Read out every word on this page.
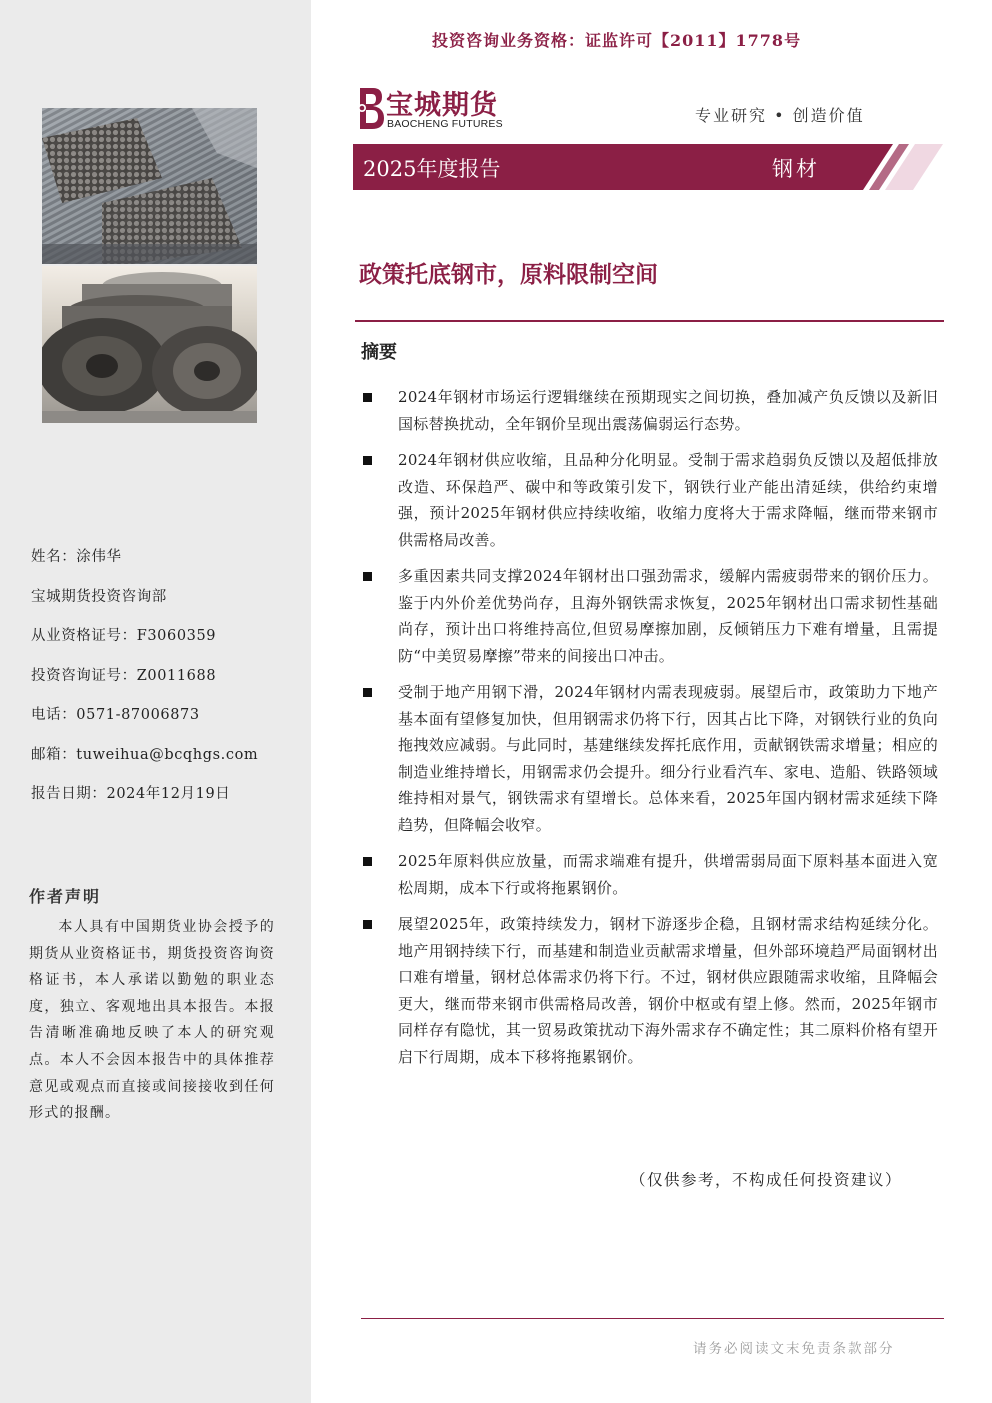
姓名：涂伟华
宝城期货投资咨询部
从业资格证号：F3060359
投资咨询证号：Z0011688
电话：0571-87006873
邮箱：tuweihua@bcqhgs.com
报告日期：2024年12月19日
作者声明
本人具有中国期货业协会授予的期货从业资格证书，期货投资咨询资格证书，本人承诺以勤勉的职业态度，独立、客观地出具本报告。本报告清晰准确地反映了本人的研究观点。本人不会因本报告中的具体推荐意见或观点而直接或间接接收到任何形式的报酬。
投资咨询业务资格：证监许可【2011】1778号
宝城期货
BAOCHENG FUTURES	专业研究 • 创造价值
2025年度报告	钢材
政策托底钢市，原料限制空间
摘要
2024年钢材市场运行逻辑继续在预期现实之间切换，叠加减产负反馈以及新旧国标替换扰动，全年钢价呈现出震荡偏弱运行态势。
2024年钢材供应收缩，且品种分化明显。受制于需求趋弱负反馈以及超低排放改造、环保趋严、碳中和等政策引发下，钢铁行业产能出清延续，供给约束增强，预计2025年钢材供应持续收缩，收缩力度将大于需求降幅，继而带来钢市供需格局改善。
多重因素共同支撑2024年钢材出口强劲需求，缓解内需疲弱带来的钢价压力。鉴于内外价差优势尚存，且海外钢铁需求恢复，2025年钢材出口需求韧性基础尚存，预计出口将维持高位,但贸易摩擦加剧，反倾销压力下难有增量，且需提防“中美贸易摩擦”带来的间接出口冲击。
受制于地产用钢下滑，2024年钢材内需表现疲弱。展望后市，政策助力下地产基本面有望修复加快，但用钢需求仍将下行，因其占比下降，对钢铁行业的负向拖拽效应减弱。与此同时，基建继续发挥托底作用，贡献钢铁需求增量；相应的制造业维持增长，用钢需求仍会提升。细分行业看汽车、家电、造船、铁路领域维持相对景气，钢铁需求有望增长。总体来看，2025年国内钢材需求延续下降趋势，但降幅会收窄。
2025年原料供应放量，而需求端难有提升，供增需弱局面下原料基本面进入宽松周期，成本下行或将拖累钢价。
展望2025年，政策持续发力，钢材下游逐步企稳，且钢材需求结构延续分化。地产用钢持续下行，而基建和制造业贡献需求增量，但外部环境趋严局面钢材出口难有增量，钢材总体需求仍将下行。不过，钢材供应跟随需求收缩，且降幅会更大，继而带来钢市供需格局改善，钢价中枢或有望上修。然而，2025年钢市同样存有隐忧，其一贸易政策扰动下海外需求存不确定性；其二原料价格有望开启下行周期，成本下移将拖累钢价。
（仅供参考，不构成任何投资建议）
请务必阅读文末免责条款部分
